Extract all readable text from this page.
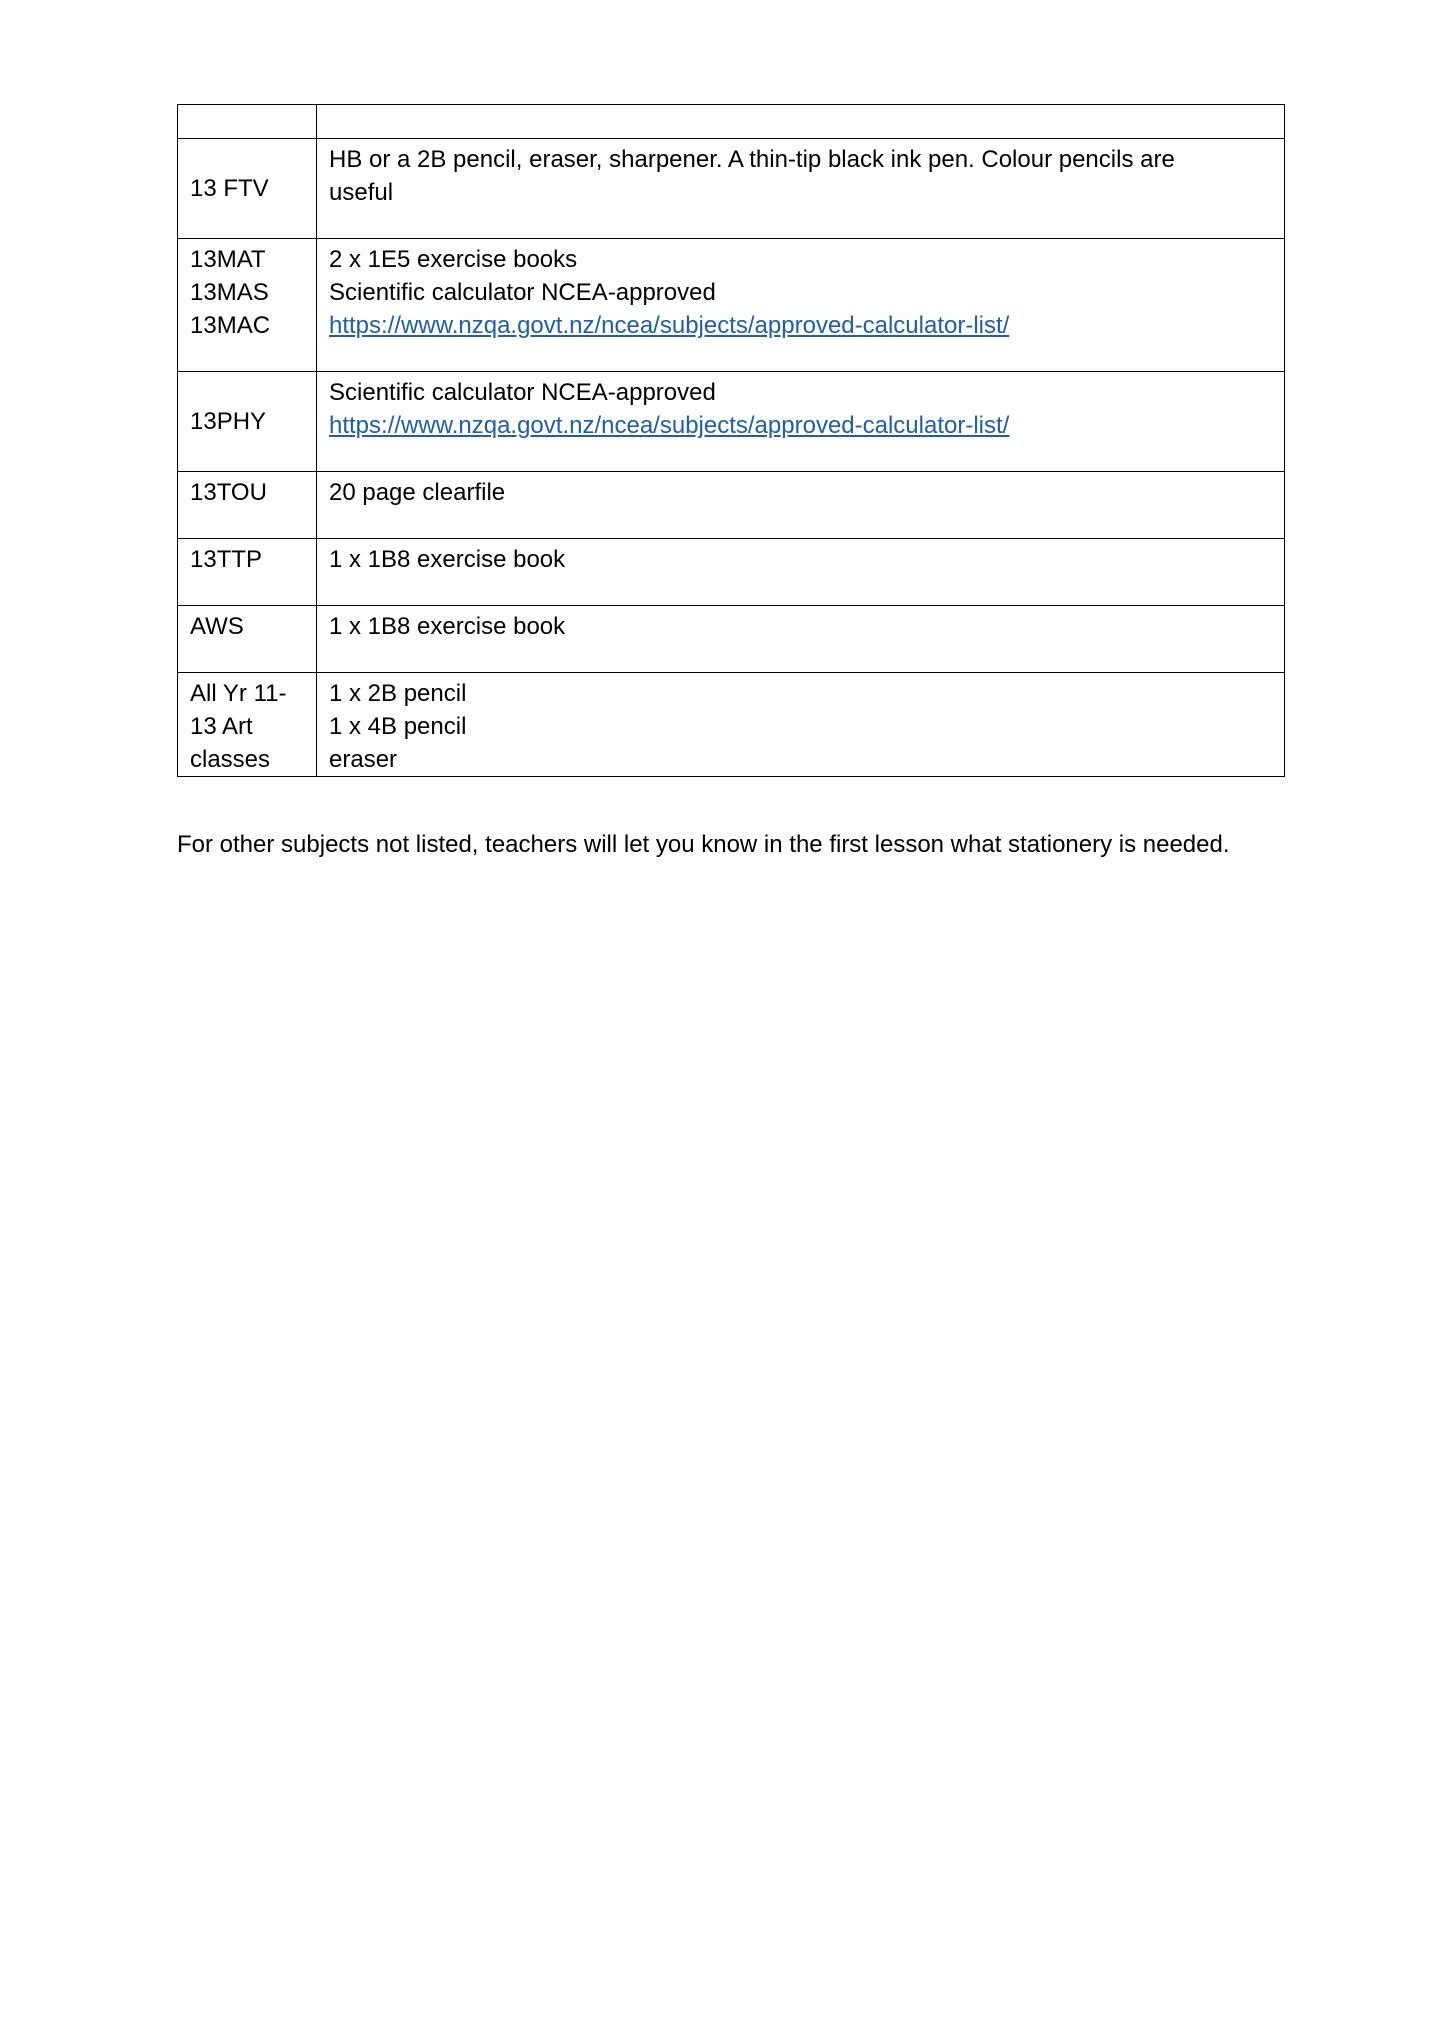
13 FTV	HB or a 2B pencil, eraser, sharpener. A thin-tip black ink pen. Colour pencils are useful

13MAT
13MAS
13MAC	2 x 1E5 exercise books
Scientific calculator NCEA-approved
https://www.nzqa.govt.nz/ncea/subjects/approved-calculator-list/

13PHY	Scientific calculator NCEA-approved
https://www.nzqa.govt.nz/ncea/subjects/approved-calculator-list/

13TOU	20 page clearfile

13TTP	1 x 1B8 exercise book

AWS	1 x 1B8 exercise book

All Yr 11-
13 Art
classes	1 x 2B pencil
1 x 4B pencil
eraser

For other subjects not listed, teachers will let you know in the first lesson what stationery is needed.
